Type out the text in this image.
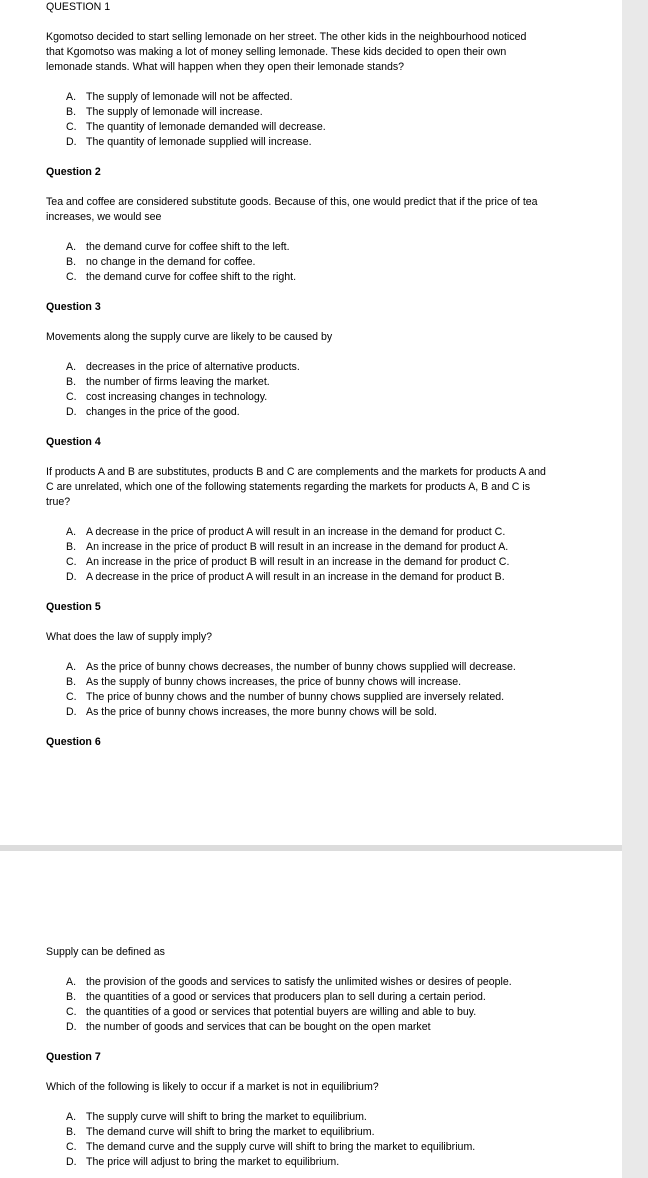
QUESTION 1
Kgomotso decided to start selling lemonade on her street. The other kids in the neighbourhood noticed that Kgomotso was making a lot of money selling lemonade. These kids decided to open their own lemonade stands. What will happen when they open their lemonade stands?
A. The supply of lemonade will not be affected.
B. The supply of lemonade will increase.
C. The quantity of lemonade demanded will decrease.
D. The quantity of lemonade supplied will increase.
Question 2
Tea and coffee are considered substitute goods. Because of this, one would predict that if the price of tea increases, we would see
A. the demand curve for coffee shift to the left.
B. no change in the demand for coffee.
C. the demand curve for coffee shift to the right.
Question 3
Movements along the supply curve are likely to be caused by
A. decreases in the price of alternative products.
B. the number of firms leaving the market.
C. cost increasing changes in technology.
D. changes in the price of the good.
Question 4
If products A and B are substitutes, products B and C are complements and the markets for products A and C are unrelated, which one of the following statements regarding the markets for products A, B and C is true?
A. A decrease in the price of product A will result in an increase in the demand for product C.
B. An increase in the price of product B will result in an increase in the demand for product A.
C. An increase in the price of product B will result in an increase in the demand for product C.
D. A decrease in the price of product A will result in an increase in the demand for product B.
Question 5
What does the law of supply imply?
A. As the price of bunny chows decreases, the number of bunny chows supplied will decrease.
B. As the supply of bunny chows increases, the price of bunny chows will increase.
C. The price of bunny chows and the number of bunny chows supplied are inversely related.
D. As the price of bunny chows increases, the more bunny chows will be sold.
Question 6
Supply can be defined as
A. the provision of the goods and services to satisfy the unlimited wishes or desires of people.
B. the quantities of a good or services that producers plan to sell during a certain period.
C. the quantities of a good or services that potential buyers are willing and able to buy.
D. the number of goods and services that can be bought on the open market
Question 7
Which of the following is likely to occur if a market is not in equilibrium?
A. The supply curve will shift to bring the market to equilibrium.
B. The demand curve will shift to bring the market to equilibrium.
C. The demand curve and the supply curve will shift to bring the market to equilibrium.
D. The price will adjust to bring the market to equilibrium.
